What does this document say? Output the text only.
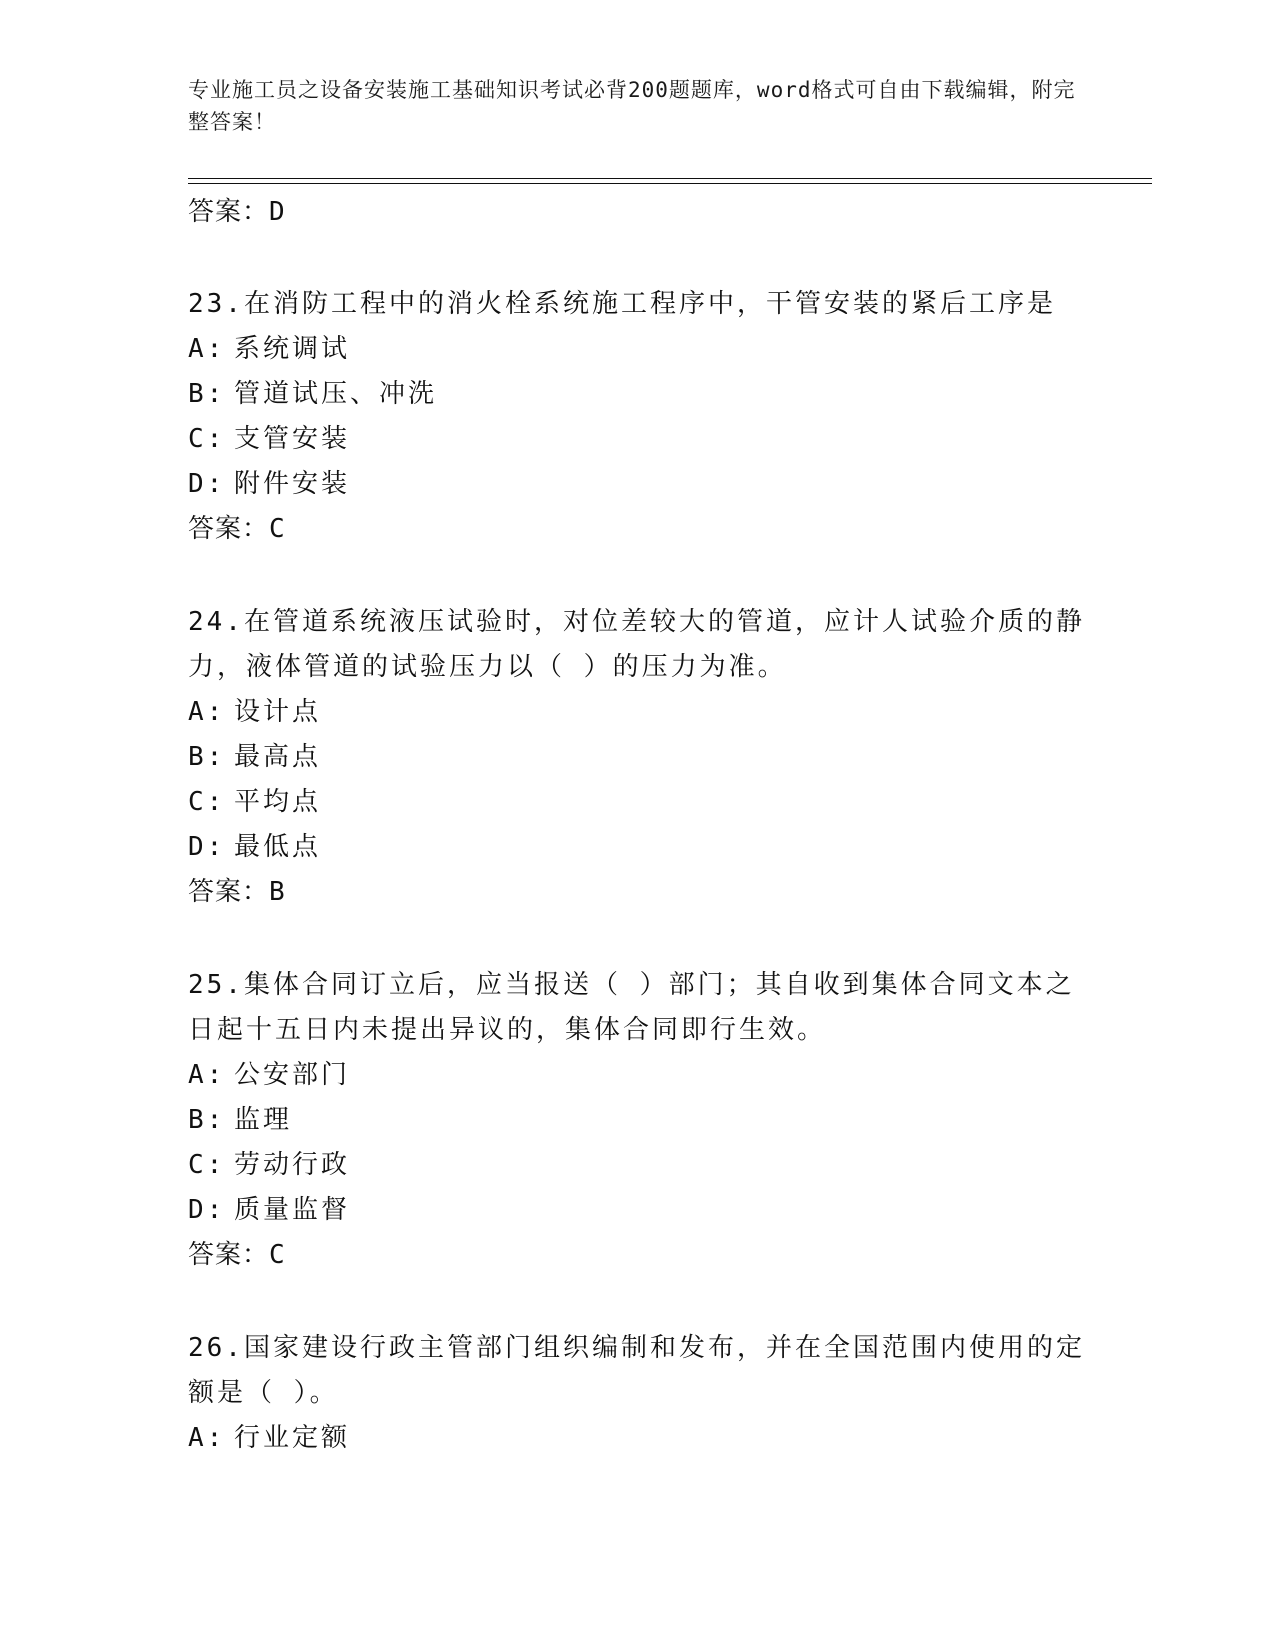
专业施工员之设备安装施工基础知识考试必背200题题库，word格式可自由下载编辑，附完整答案！
答案：D
23.在消防工程中的消火栓系统施工程序中，干管安装的紧后工序是
A: 系统调试
B: 管道试压、冲洗
C: 支管安装
D: 附件安装
答案：C
24.在管道系统液压试验时，对位差较大的管道，应计人试验介质的静力，液体管道的试验压力以（ ）的压力为准。
A: 设计点
B: 最高点
C: 平均点
D: 最低点
答案：B
25.集体合同订立后，应当报送（ ）部门；其自收到集体合同文本之日起十五日内未提出异议的，集体合同即行生效。
A: 公安部门
B: 监理
C: 劳动行政
D: 质量监督
答案：C
26.国家建设行政主管部门组织编制和发布，并在全国范围内使用的定额是（ ）。
A: 行业定额
